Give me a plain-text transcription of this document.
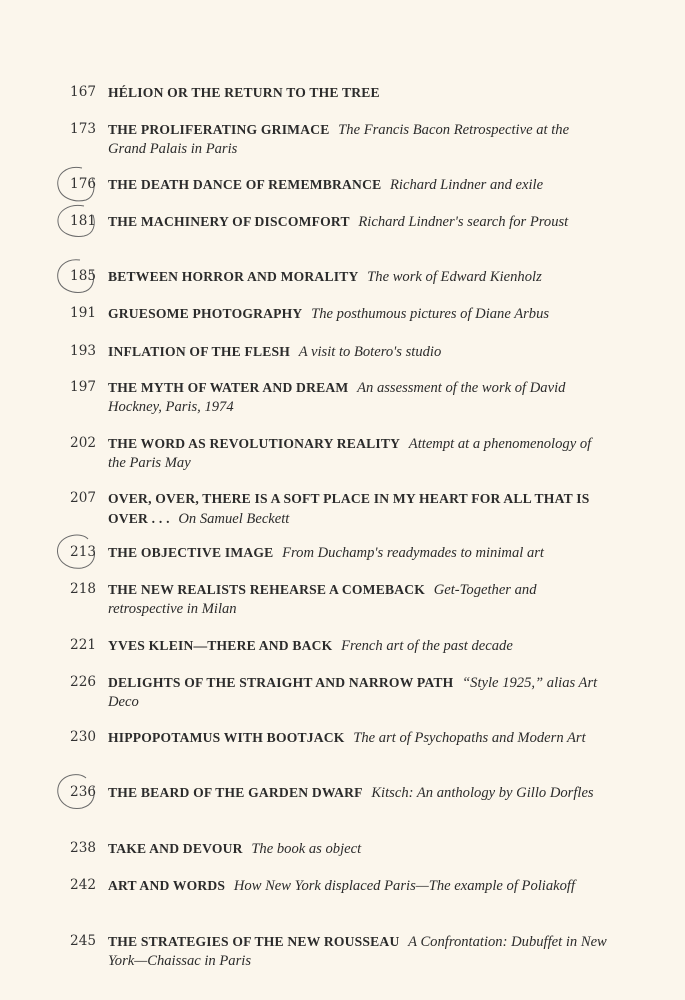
167 HÉLION OR THE RETURN TO THE TREE
173 THE PROLIFERATING GRIMACE The Francis Bacon Retrospective at the Grand Palais in Paris
176 THE DEATH DANCE OF REMEMBRANCE Richard Lindner and exile
181 THE MACHINERY OF DISCOMFORT Richard Lindner's search for Proust
185 BETWEEN HORROR AND MORALITY The work of Edward Kienholz
191 GRUESOME PHOTOGRAPHY The posthumous pictures of Diane Arbus
193 INFLATION OF THE FLESH A visit to Botero's studio
197 THE MYTH OF WATER AND DREAM An assessment of the work of David Hockney, Paris, 1974
202 THE WORD AS REVOLUTIONARY REALITY Attempt at a phenomenology of the Paris May
207 OVER, OVER, THERE IS A SOFT PLACE IN MY HEART FOR ALL THAT IS OVER . . . On Samuel Beckett
213 THE OBJECTIVE IMAGE From Duchamp's readymades to minimal art
218 THE NEW REALISTS REHEARSE A COMEBACK Get-Together and retrospective in Milan
221 YVES KLEIN—THERE AND BACK French art of the past decade
226 DELIGHTS OF THE STRAIGHT AND NARROW PATH “Style 1925,” alias Art Deco
230 HIPPOPOTAMUS WITH BOOTJACK The art of Psychopaths and Modern Art
236 THE BEARD OF THE GARDEN DWARF Kitsch: An anthology by Gillo Dorfles
238 TAKE AND DEVOUR The book as object
242 ART AND WORDS How New York displaced Paris—The example of Poliakoff
245 THE STRATEGIES OF THE NEW ROUSSEAU A Confrontation: Dubuffet in New York—Chaissac in Paris
